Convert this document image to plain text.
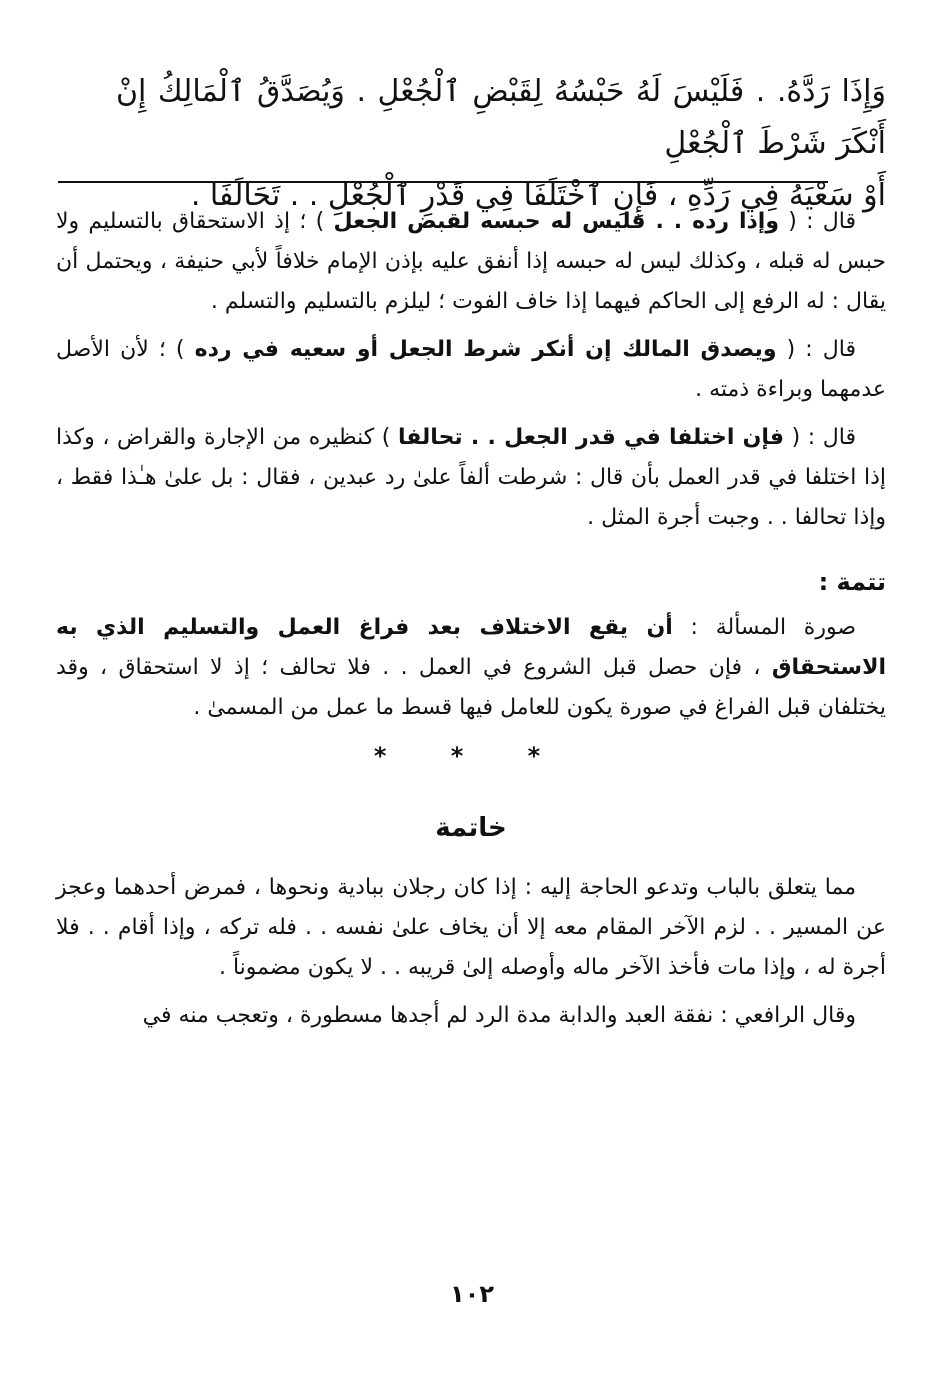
وَإِذَا رَدَّهُ. . فَلَيْسَ لَهُ حَبْسُهُ لِقَبْضِ ٱلْجُعْلِ . وَيُصَدَّقُ ٱلْمَالِكُ إِنْ أَنْكَرَ شَرْطَ ٱلْجُعْلِ

أَوْ سَعْيَهُ فِي رَدِّهِ ، فَإِنِ ٱخْتَلَفَا فِي قَدْرِ ٱلْجُعْلِ . . تَحَالَفَا .

قال : ( وإذا رده . . فليس له حبسه لقبض الجعل ) ؛ إذ الاستحقاق بالتسليم ولا حبس له قبله ، وكذلك ليس له حبسه إذا أنفق عليه بإذن الإمام خلافاً لأبي حنيفة ، ويحتمل أن يقال : له الرفع إلى الحاكم فيهما إذا خاف الفوت ؛ ليلزم بالتسليم والتسلم .

قال : ( ويصدق المالك إن أنكر شرط الجعل أو سعيه في رده ) ؛ لأن الأصل عدمهما وبراءة ذمته .

قال : ( فإن اختلفا في قدر الجعل . . تحالفا ) كنظيره من الإجارة والقراض ، وكذا إذا اختلفا في قدر العمل بأن قال : شرطت ألفاً علىٰ رد عبدين ، فقال : بل علىٰ هـٰذا فقط ، وإذا تحالفا . . وجبت أجرة المثل .

تتمة :

صورة المسألة : أن يقع الاختلاف بعد فراغ العمل والتسليم الذي به الاستحقاق ، فإن حصل قبل الشروع في العمل . . فلا تحالف ؛ إذ لا استحقاق ، وقد يختلفان قبل الفراغ في صورة يكون للعامل فيها قسط ما عمل من المسمىٰ .

* * *
خاتمة

مما يتعلق بالباب وتدعو الحاجة إليه : إذا كان رجلان ببادية ونحوها ، فمرض أحدهما وعجز عن المسير . . لزم الآخر المقام معه إلا أن يخاف علىٰ نفسه . . فله تركه ، وإذا أقام . . فلا أجرة له ، وإذا مات فأخذ الآخر ماله وأوصله إلىٰ قريبه . . لا يكون مضموناً .

وقال الرافعي : نفقة العبد والدابة مدة الرد لم أجدها مسطورة ، وتعجب منه في

١٠٢
